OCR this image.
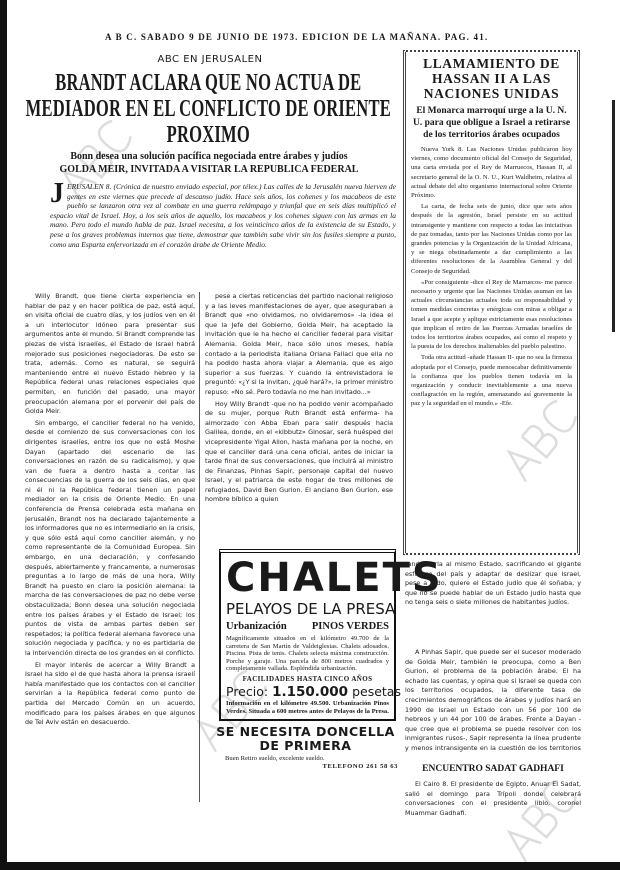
A B C. SABADO 9 DE JUNIO DE 1973. EDICION DE LA MAÑANA. PAG. 41.
ABC EN JERUSALEN
BRANDT ACLARA QUE NO ACTUA DE MEDIADOR EN EL CONFLICTO DE ORIENTE PROXIMO
Bonn desea una solución pacífica negociada entre árabes y judíos
GOLDA MEIR, INVITADA A VISITAR LA REPUBLICA FEDERAL
J ERUSALEN 8. (Crónica de nuestro enviado especial, por télex.) Las calles de la Jerusalén nueva hierven de gentes en este viernes que precede al descanso judío. Hace seis años, los cohenes y los macabeos de este pueblo se lanzaron otra vez al combate en una guerra relámpago y triunfal que en seis días multiplicó el espacio vital de Israel. Hoy, a los seis años de aquello, los macabeos y los cohenes siguen con las armas en la mano. Pero todo el mundo habla de paz. Israel necesita, a los veinticinco años de la existencia de su Estado, y pese a los graves problemas internos que tiene, demostrar que también sabe vivir sin los fusiles siempre a punto, como una Esparta enfervorizada en el corazón árabe de Oriente Medio.

Willy Brandt, que tiene cierta experiencia en hablar de paz y en hacer política de paz, está aquí, en visita oficial de cuatro días, y los judíos ven en él a un interlocutor idóneo para presentar sus argumentos ante el mundo. Si Brandt comprende las piezas de vista israelíes, el Estado de Israel habrá mejorado sus posiciones negociadoras. De esto se trata, además. Como es natural, se seguirá manteniendo entre el nuevo Estado hebreo y la República federal unas relaciones especiales que permiten, en función del pasado, una mayor preocupación alemana por el porvenir del país de Golda Meir.

Sin embargo, el canciller federal no ha venido, desde el comienzo de sus conversaciones con los dirigentes israelíes, entre los que no está Moshe Dayan (apartado del escenario de las conversaciones en razón de su radicalismo), y que van de fuera a dentro hasta a contar las consecuencias de la guerra de los seis días, en que ni él ni la República federal tienen un papel mediador en la crisis de Oriente Medio. En una conferencia de Prensa celebrada esta mañana en Jerusalén, Brandt nos ha declarado tajantemente a los informadores que no es intermediario en la crisis, y que sólo está aquí como canciller alemán, y no como representante de la Comunidad Europea. Sin embargo, en una declaración, y confesando después, abiertamente y francamente, a numerosas preguntas a lo largo de más de una hora, Willy Brandt ha puesto en claro la posición alemana: la marcha de las conversaciones de paz no debe verse obstaculizada; Bonn desea una solución negociada entre los países árabes y el Estado de Israel; los puntos de vista de ambas partes deben ser respetados; la política federal alemana favorece una solución negociada y pacífica, y no es partidaria de la intervención directa de los grandes en el conflicto.

El mayor interés de acercar a Willy Brandt a Israel ha sido el de que hasta ahora la prensa israelí había manifestado que los contactos con el canciller servirían a la República federal como punto de partida del Mercado Común en un acuerdo, modificado para los países árabes en que algunos de Tel Aviv están en desacuerdo.

pese a ciertas reticencias del partido nacional religioso y a las leves manifestaciones de ayer, que aseguraban a Brandt que «no olvidamos, no olvidaremos» -la idea el que la Jefe del Gobierno, Golda Meir, ha aceptado la invitación que le ha hecho el canciller federal para visitar Alemania. Golda Meir, hace sólo unos meses, había contado a la periodista italiana Oriana Fallaci que ella no ha podido hasta ahora viajar a Alemania, que es algo superior a sus fuerzas. Y cuando la entrevistadora le preguntó: «¿Y si la invitan, ¿qué hará?», la primer ministro repuso: «No sé. Pero todavía no me han invitado...»

Hoy Willy Brandt -que no ha podido venir acompañado de su mujer, porque Ruth Brandt está enferma- ha almorzado con Abba Eban para salir después hacia Galilea, donde, en el «kibbutz» Ginosar, será huésped del vicepresidente Yigal Allon, hasta mañana por la noche, en que el canciller dará una cena oficial, antes de iniciar la tarde final de sus conversaciones, que incluirá al ministro de Finanzas, Pinhas Sapir, personaje capital del nuevo Israel, y el patriarca de este hogar de tres millones de refugiados, David Ben Gurion. El anciano Ben Gurion, ese hombre bíblico a quien

CHALETS
PELAYOS DE LA PRESA
Urbanización PINOS VERDES
Magníficamente situados en el kilómetro 49.700 de la carretera de San Martín de Valdeiglesias. Chalets adosados. Piscina. Pista de tenis. Chalets selecta máxima construcción. Porche y garaje. Una parcela de 800 metros cuadrados y completamente vallada. Espléndida urbanización.
FACILIDADES HASTA CINCO AÑOS
Precio: 1.150.000 pesetas
Información en el kilómetro 49.500. Urbanización Pinos Verdes. Situada a 600 metros antes de Pelayos de la Presa.
SE NECESITA DONCELLA DE PRIMERA
Buen Retiro sueldo, excelente sueldo.
TELEFONO 261 58 63
LLAMAMIENTO DE HASSAN II A LAS NACIONES UNIDAS
El Monarca marroquí urge a la U. N. U. para que obligue a Israel a retirarse de los territorios árabes ocupados

Nueva York 8. Las Naciones Unidas publicaron hoy viernes, como documento oficial del Consejo de Seguridad, una carta enviada por el Rey de Marruecos, Hassan II, al secretario general de la O. N. U., Kurt Waldheim, relativa al actual debate del alto organismo internacional sobre Oriente Próximo.

La carta, de fecha seis de junio, dice que seis años después de la agresión, Israel persiste en su actitud intransigente y mantiene con respecto a todas las iniciativas de paz tomadas, tanto por las Naciones Unidas como por las grandes potencias y la Organización de la Unidad Africana, y se niega obstinadamente a dar cumplimiento a las diferentes resoluciones de la Asamblea General y del Consejo de Seguridad.

«Por consiguiente -dice el Rey de Marruecos- me parece necesario y urgente que las Naciones Unidas asuman en las actuales circunstancias actuales toda su responsabilidad y tomen medidas concretas y enérgicas con miras a obligar a Israel a que acepte y aplique estrictamente esas resoluciones que implican el retiro de las Fuerzas Armadas israelíes de todos los territorios árabes ocupados, así como el respeto y la puesta de los derechos inalienables del pueblo palestino.

Toda otra actitud -añade Hassan II- que no sea la firmeza adoptada por el Consejo, puede menoscabar definitivamente la confianza que los pueblos tienen todavía en la organización y conducir inevitablemente a una nueva conflagración en la región, amenazando así gravemente la paz y la seguridad en el mundo.» -Efe.

tando darla al mismo Estado, sacrificando el gigante esfuerzo del país y adaptar de deslizar que Israel, pese a todo, quiere el Estado judío que él soñaba, y que no se puede hablar de un Estado judío hasta que no tenga seis o siete millones de habitantes judíos.

A Pinhas Sapir, que puede ser el sucesor moderado de Golda Meir, también le preocupa, como a Ben Gurion, el problema de la población árabe. El ha echado las cuentas, y opina que si Israel se queda con los territorios ocupados, la diferente tasa de crecimientos demográficos de árabes y judíos hará en 1990 de Israel un Estado con un 56 por 100 de hebreos y un 44 por 100 de árabes. Frente a Dayan -que cree que el problema se puede resolver con los inmigrantes rusos-, Sapir representa la línea prudente y menos intransigente en la cuestión de los territorios

ENCUENTRO SADAT GADHAFI

El Cairo 8. El presidente de Egipto, Anuar El Sadat, salió el domingo para Trípoli donde celebrará conversaciones con el presidente libio, coronel Muammar Gadhafi.
